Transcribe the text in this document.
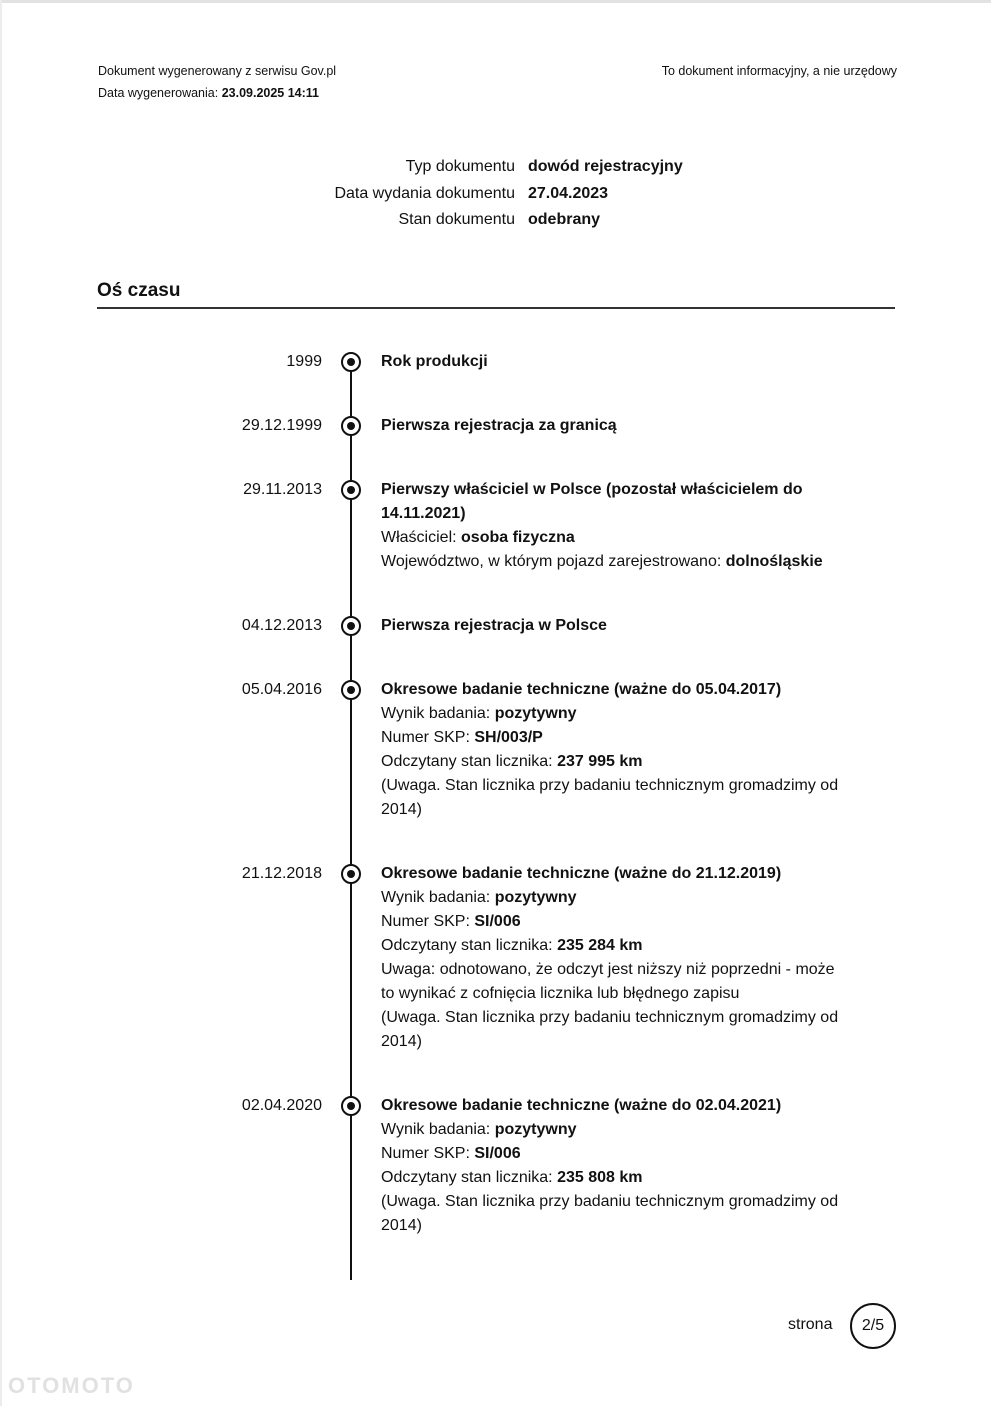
Dokument wygenerowany z serwisu Gov.pl
Data wygenerowania: 23.09.2025 14:11
To dokument informacyjny, a nie urzędowy
Typ dokumentu dowód rejestracyjny
Data wydania dokumentu 27.04.2023
Stan dokumentu odebrany
Oś czasu
1999	Rok produkcji
29.12.1999	Pierwsza rejestracja za granicą
29.11.2013	Pierwszy właściciel w Polsce (pozostał właścicielem do 14.11.2021)
Właściciel: osoba fizyczna
Województwo, w którym pojazd zarejestrowano: dolnośląskie
04.12.2013	Pierwsza rejestracja w Polsce
05.04.2016	Okresowe badanie techniczne (ważne do 05.04.2017)
Wynik badania: pozytywny
Numer SKP: SH/003/P
Odczytany stan licznika: 237 995 km
(Uwaga. Stan licznika przy badaniu technicznym gromadzimy od 2014)
21.12.2018	Okresowe badanie techniczne (ważne do 21.12.2019)
Wynik badania: pozytywny
Numer SKP: SI/006
Odczytany stan licznika: 235 284 km
Uwaga: odnotowano, że odczyt jest niższy niż poprzedni - może to wynikać z cofnięcia licznika lub błędnego zapisu
(Uwaga. Stan licznika przy badaniu technicznym gromadzimy od 2014)
02.04.2020	Okresowe badanie techniczne (ważne do 02.04.2021)
Wynik badania: pozytywny
Numer SKP: SI/006
Odczytany stan licznika: 235 808 km
(Uwaga. Stan licznika przy badaniu technicznym gromadzimy od 2014)
strona	2/5
OTOMOTO
